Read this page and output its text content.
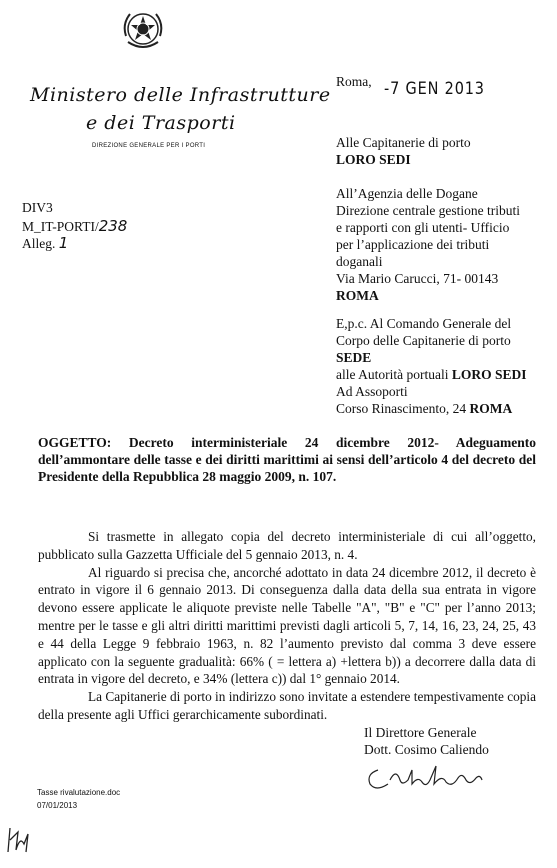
Ministero delle Infrastrutture
e dei Trasporti
DIREZIONE GENERALE PER I PORTI
Roma, -7 GEN 2013
DIV3
M_IT-PORTI/238
Alleg. 1
Alle Capitanerie di porto
LORO SEDI
All’Agenzia delle Dogane
Direzione centrale gestione tributi
e rapporti con gli utenti- Ufficio
per l’applicazione dei tributi
doganali
Via Mario Carucci, 71- 00143
ROMA
E,p.c. Al Comando Generale del
Corpo delle Capitanerie di porto
SEDE
alle Autorità portuali LORO SEDI
Ad Assoporti
Corso Rinascimento, 24 ROMA
OGGETTO: Decreto interministeriale 24 dicembre 2012- Adeguamento dell’ammontare delle tasse e dei diritti marittimi ai sensi dell’articolo 4 del decreto del Presidente della Repubblica 28 maggio 2009, n. 107.

Si trasmette in allegato copia del decreto interministeriale di cui all’oggetto, pubblicato sulla Gazzetta Ufficiale del 5 gennaio 2013, n. 4.

Al riguardo si precisa che, ancorché adottato in data 24 dicembre 2012, il decreto è entrato in vigore il 6 gennaio 2013. Di conseguenza dalla data della sua entrata in vigore devono essere applicate le aliquote previste nelle Tabelle "A", "B" e "C" per l’anno 2013; mentre per le tasse e gli altri diritti marittimi previsti dagli articoli 5, 7, 14, 16, 23, 24, 25, 43 e 44 della Legge 9 febbraio 1963, n. 82 l’aumento previsto dal comma 3 deve essere applicato con la seguente gradualità: 66% ( = lettera a) +lettera b)) a decorrere dalla data di entrata in vigore del decreto, e 34% (lettera c)) dal 1° gennaio 2014.

La Capitanerie di porto in indirizzo sono invitate a estendere tempestivamente copia della presente agli Uffici gerarchicamente subordinati.

Il Direttore Generale
Dott. Cosimo Caliendo
Tasse rivalutazione.doc
07/01/2013
